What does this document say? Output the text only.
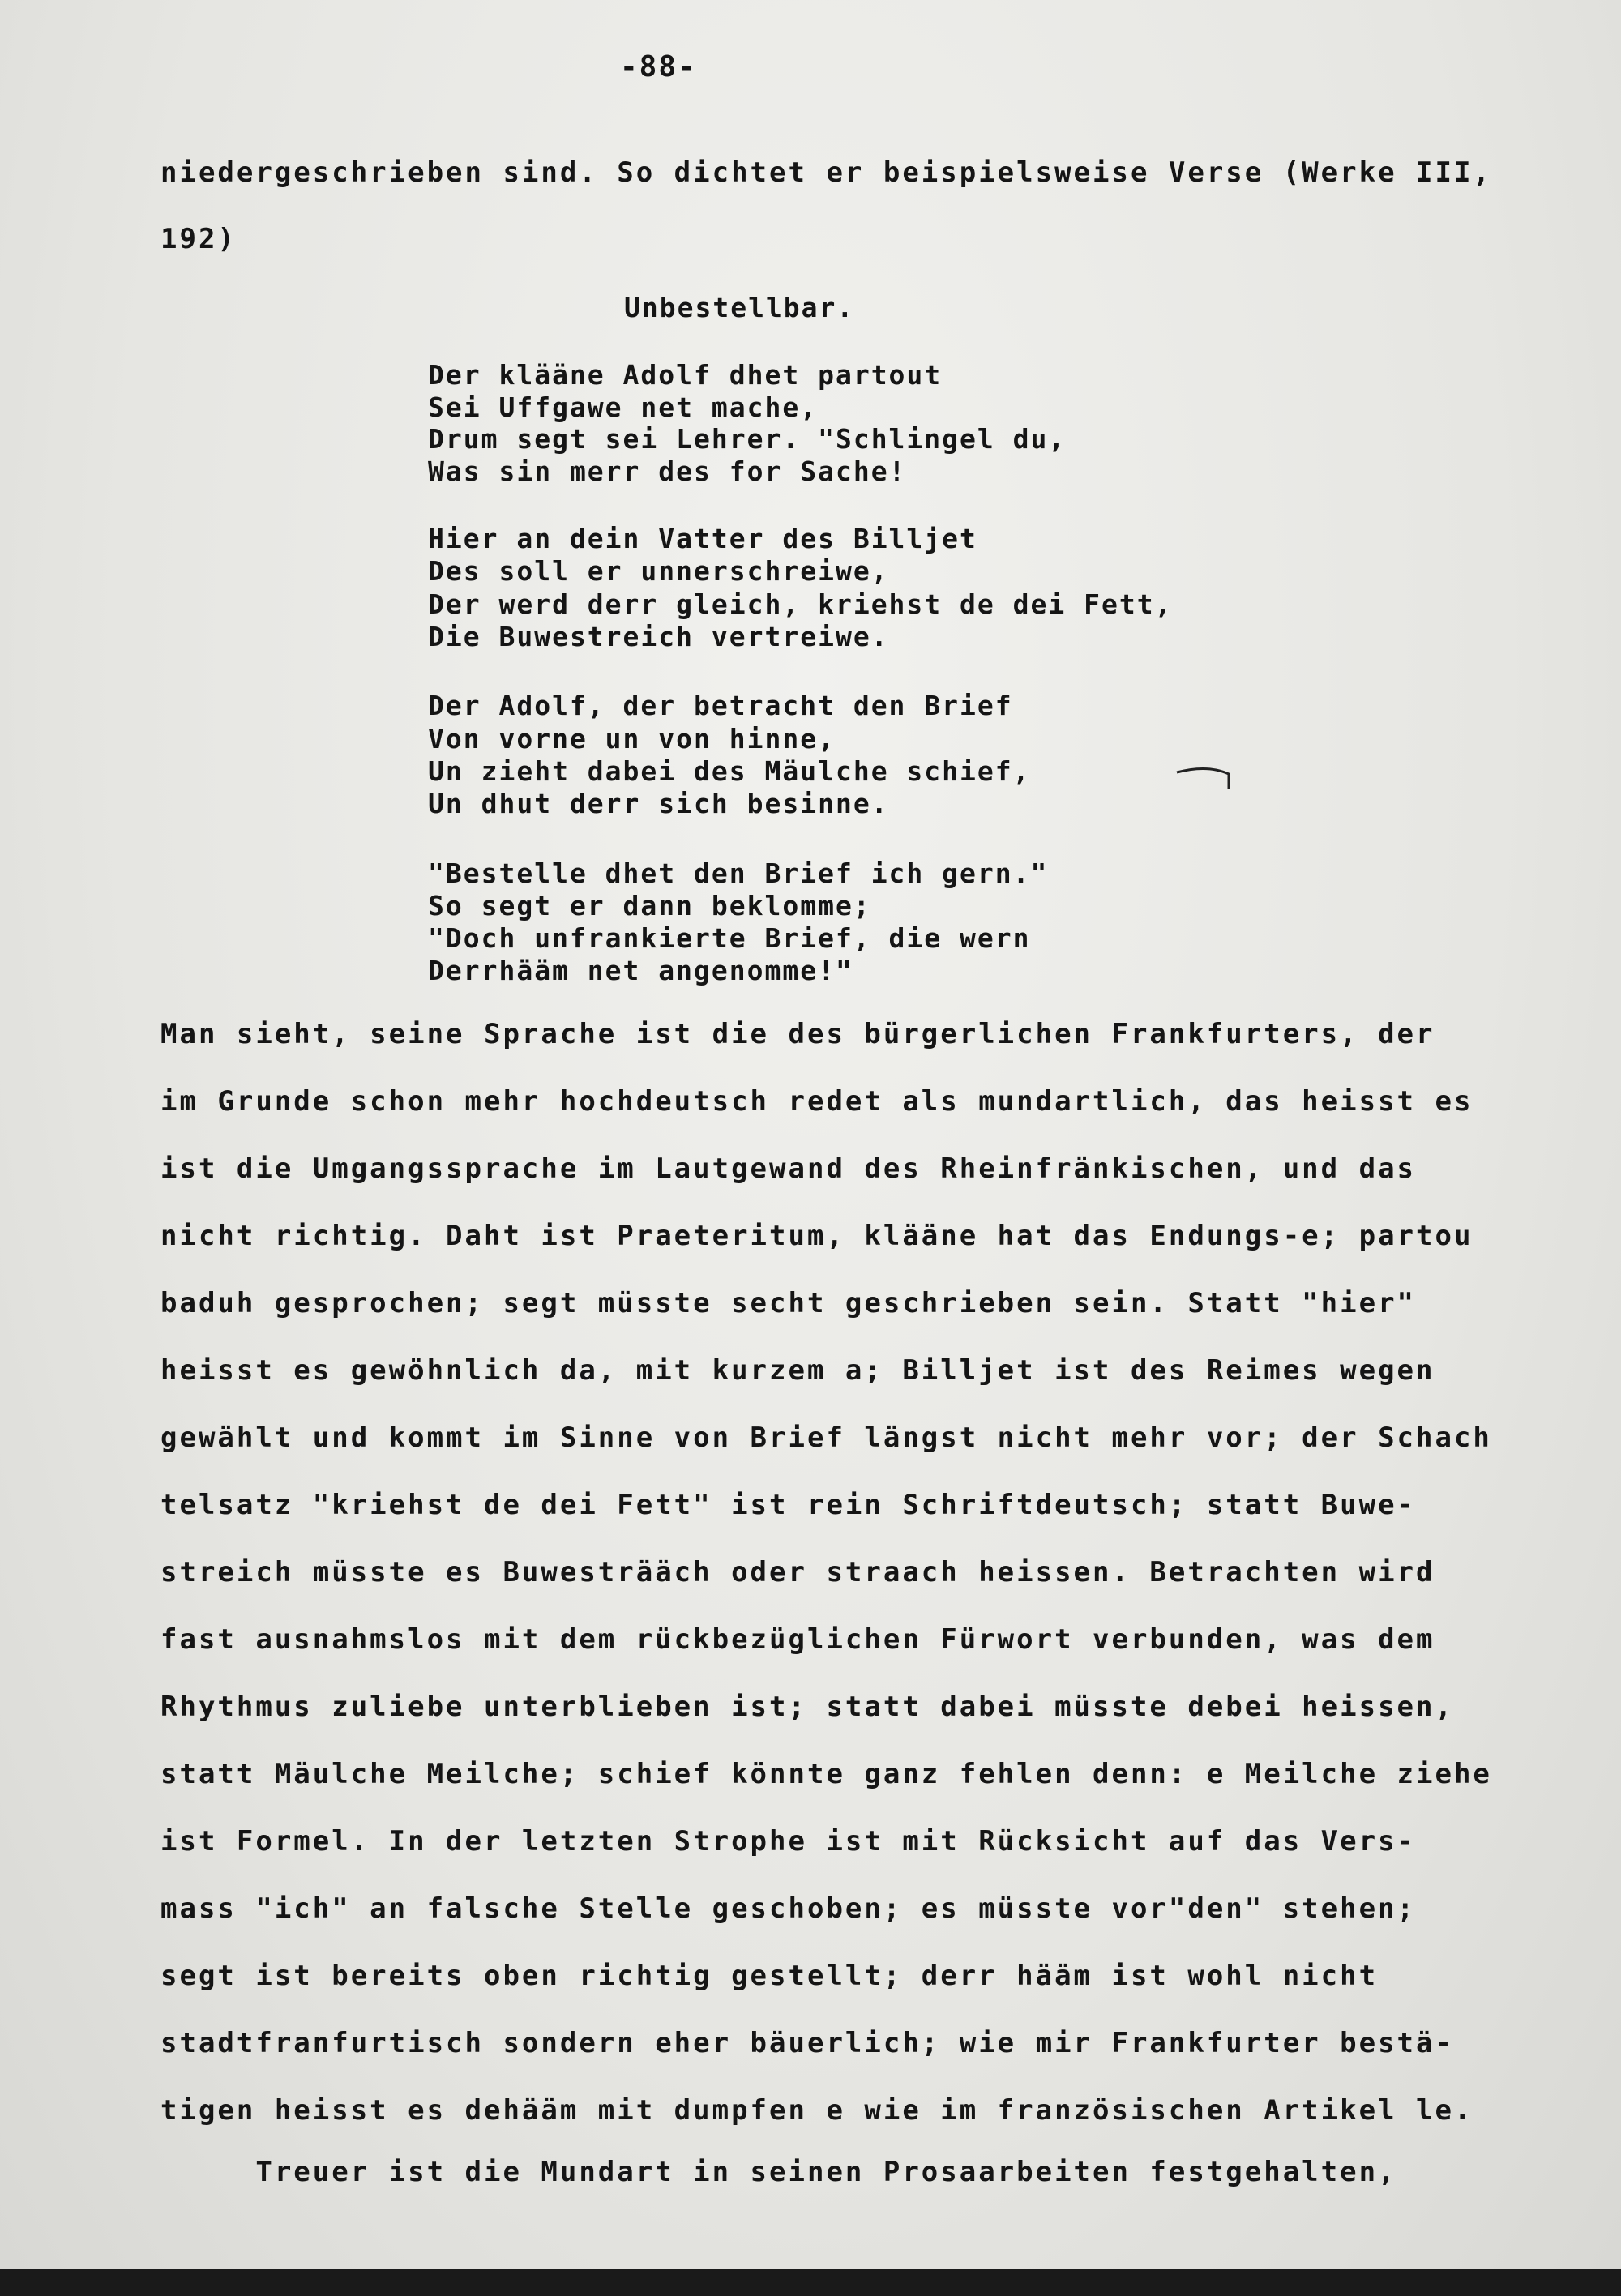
-88-
niedergeschrieben sind. So dichtet er beispielsweise Verse (Werke III,
192)
Unbestellbar.
Der klääne Adolf dhet partout
Sei Uffgawe net mache,
Drum segt sei Lehrer. "Schlingel du,
Was sin merr des for Sache!
Hier an dein Vatter des Billjet
Des soll er unnerschreiwe,
Der werd derr gleich, kriehst de dei Fett,
Die Buwestreich vertreiwe.
Der Adolf, der betracht den Brief
Von vorne un von hinne,
Un zieht dabei des Mäulche schief,
Un dhut derr sich besinne.
"Bestelle dhet den Brief ich gern."
So segt er dann beklomme;
"Doch unfrankierte Brief, die wern
Derrhääm net angenomme!"
Man sieht, seine Sprache ist die des bürgerlichen Frankfurters, der
im Grunde schon mehr hochdeutsch redet als mundartlich, das heisst es
ist die Umgangssprache im Lautgewand des Rheinfränkischen, und das
nicht richtig. Daht ist Praeteritum, klääne hat das Endungs-e; partou
baduh gesprochen; segt müsste secht geschrieben sein. Statt "hier"
heisst es gewöhnlich da, mit kurzem a; Billjet ist des Reimes wegen
gewählt und kommt im Sinne von Brief längst nicht mehr vor; der Schach
telsatz "kriehst de dei Fett" ist rein Schriftdeutsch; statt Buwe-
streich müsste es Buwesträäch oder straach heissen. Betrachten wird
fast ausnahmslos mit dem rückbezüglichen Fürwort verbunden, was dem
Rhythmus zuliebe unterblieben ist; statt dabei müsste debei heissen,
statt Mäulche Meilche; schief könnte ganz fehlen denn: e Meilche ziehe
ist Formel. In der letzten Strophe ist mit Rücksicht auf das Vers-
mass "ich" an falsche Stelle geschoben; es müsste vor"den" stehen;
segt ist bereits oben richtig gestellt; derr hääm ist wohl nicht
stadtfranfurtisch sondern eher bäuerlich; wie mir Frankfurter bestä-
tigen heisst es dehääm mit dumpfen e wie im französischen Artikel le.
Treuer ist die Mundart in seinen Prosaarbeiten festgehalten,
